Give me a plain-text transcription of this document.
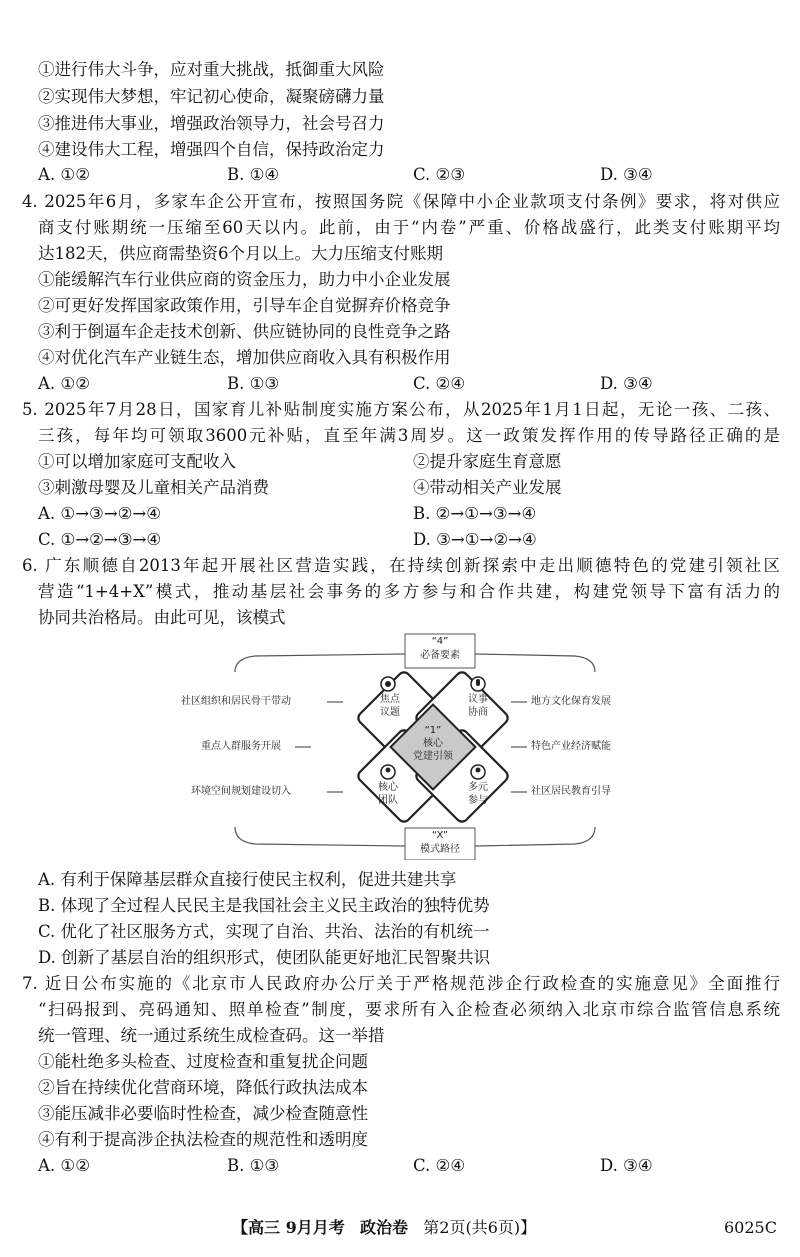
①进行伟大斗争，应对重大挑战，抵御重大风险
②实现伟大梦想，牢记初心使命，凝聚磅礴力量
③推进伟大事业，增强政治领导力，社会号召力
④建设伟大工程，增强四个自信，保持政治定力
A. ①②	B. ①④	C. ②③	D. ③④
4. 2025年6月，多家车企公开宣布，按照国务院《保障中小企业款项支付条例》要求，将对供应
商支付账期统一压缩至60天以内。此前，由于“内卷”严重、价格战盛行，此类支付账期平均
达182天，供应商需垫资6个月以上。大力压缩支付账期
①能缓解汽车行业供应商的资金压力，助力中小企业发展
②可更好发挥国家政策作用，引导车企自觉摒弃价格竞争
③利于倒逼车企走技术创新、供应链协同的良性竞争之路
④对优化汽车产业链生态，增加供应商收入具有积极作用
A. ①②	B. ①③	C. ②④	D. ③④
5. 2025年7月28日，国家育儿补贴制度实施方案公布，从2025年1月1日起，无论一孩、二孩、
三孩，每年均可领取3600元补贴，直至年满3周岁。这一政策发挥作用的传导路径正确的是
①可以增加家庭可支配收入	②提升家庭生育意愿
③刺激母婴及儿童相关产品消费	④带动相关产业发展
A. ①→③→②→④	B. ②→①→③→④
C. ①→②→③→④	D. ③→①→②→④
6. 广东顺德自2013年起开展社区营造实践，在持续创新探索中走出顺德特色的党建引领社区
营造“1+4+X”模式，推动基层社会事务的多方参与和合作共建，构建党领导下富有活力的
协同共治格局。由此可见，该模式
“4”
必备要素
焦点
议题
议事
协商
核心
团队
多元
参与
“1”
核心
党建引领
社区组织和居民骨干带动
重点人群服务开展
环境空间规划建设切入
地方文化保育发展
特色产业经济赋能
社区居民教育引导
“X”
模式路径
A. 有利于保障基层群众直接行使民主权利，促进共建共享
B. 体现了全过程人民民主是我国社会主义民主政治的独特优势
C. 优化了社区服务方式，实现了自治、共治、法治的有机统一
D. 创新了基层自治的组织形式，使团队能更好地汇民智聚共识
7. 近日公布实施的《北京市人民政府办公厅关于严格规范涉企行政检查的实施意见》全面推行
“扫码报到、亮码通知、照单检查”制度，要求所有入企检查必须纳入北京市综合监管信息系统
统一管理、统一通过系统生成检查码。这一举措
①能杜绝多头检查、过度检查和重复扰企问题
②旨在持续优化营商环境，降低行政执法成本
③能压减非必要临时性检查，减少检查随意性
④有利于提高涉企执法检查的规范性和透明度
A. ①②	B. ①③	C. ②④	D. ③④
【高三 9月月考 政治卷 第2页(共6页)】	6025C
